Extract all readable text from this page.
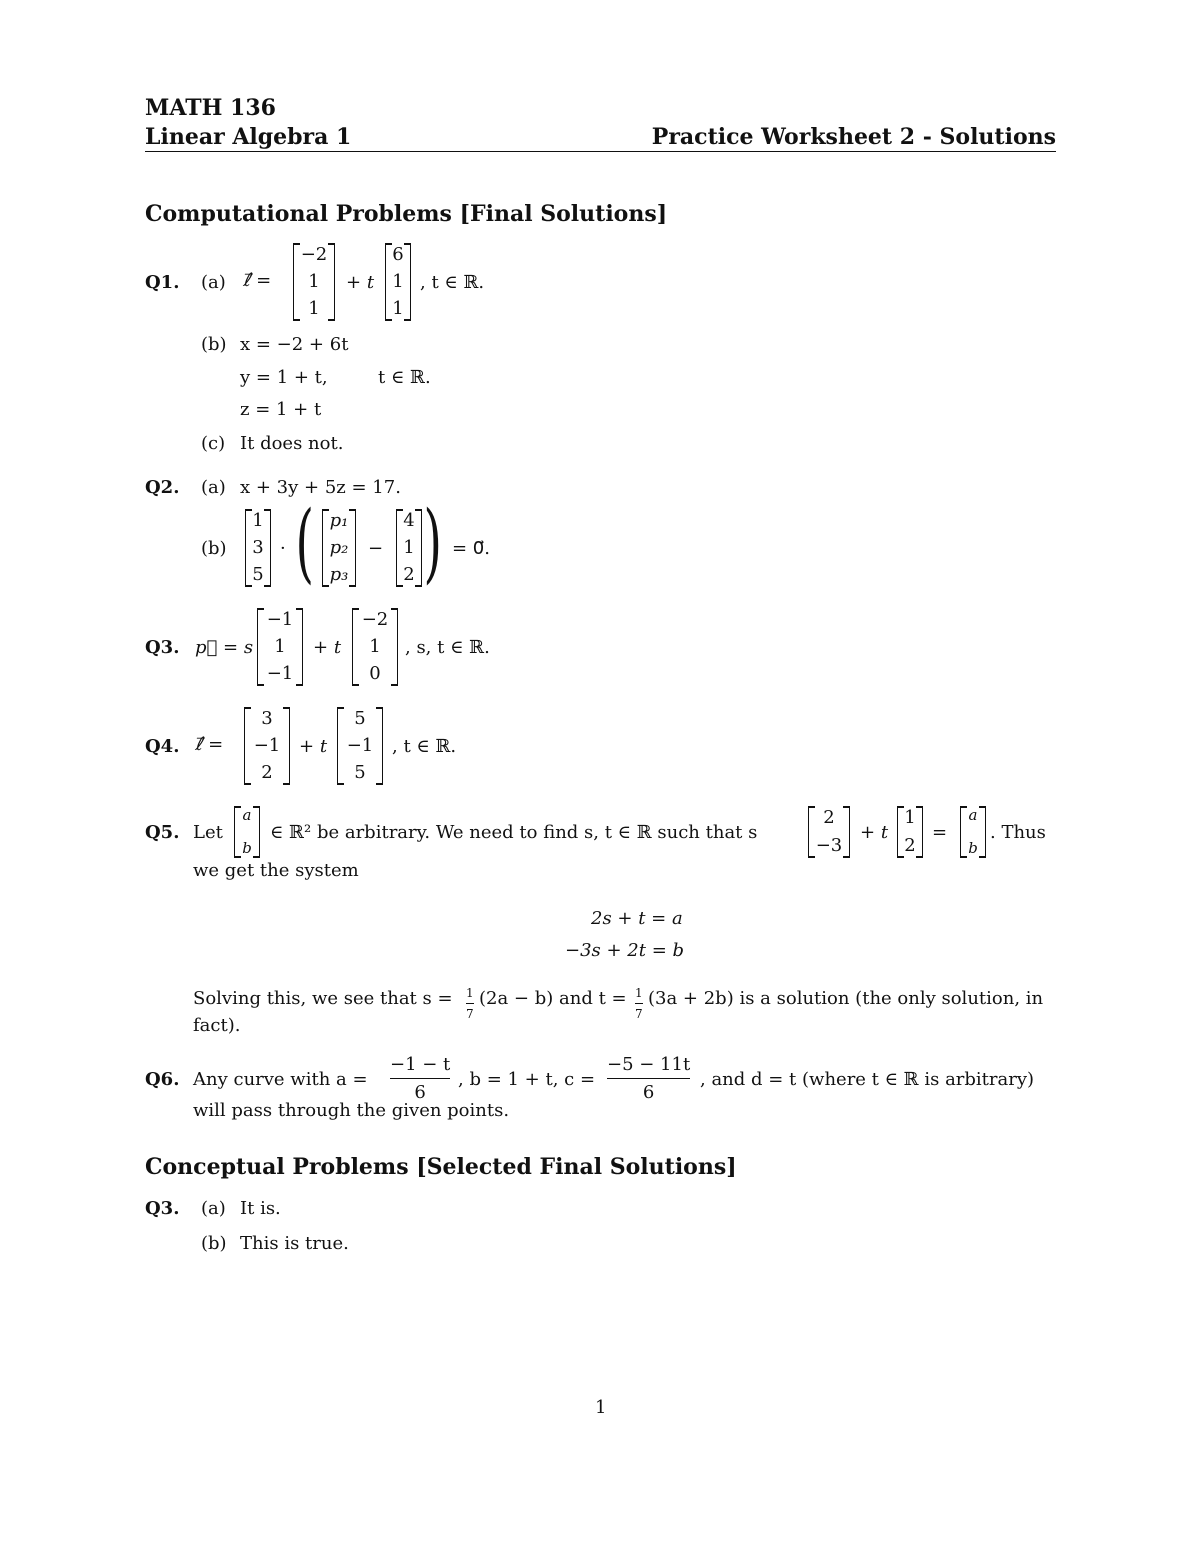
MATH 136
Linear Algebra 1	Practice Worksheet 2 - Solutions
Computational Problems [Final Solutions]
Q1. (a) ℓ⃗ =
−2
1
1
+ t
6
1
1
, t ∈ ℝ.
(b) x = −2 + 6t
y = 1 + t,	t ∈ ℝ.
z = 1 + t
(c) It does not.
Q2. (a) x + 3y + 5z = 17.
(b)
1
3
5
· ( p₁
p₂
p₃
−
4
1
2 ) = 0⃗.
Q3. p⃗ = s
−1
1
−1
+ t
−2
1
0
, s, t ∈ ℝ.
Q4. ℓ⃗ =
3
−1
2
+ t
5
−1
5
, t ∈ ℝ.
Q5. Let
a
b
∈ ℝ² be arbitrary. We need to find s, t ∈ ℝ such that s
2
−3
+ t
1
2
=
a
b
. Thus
we get the system
2s + t = a
−3s + 2t = b
Solving this, we see that s = 1
7
(2a − b) and t = 1
7
(3a + 2b) is a solution (the only solution, in
fact).
Q6. Any curve with a =
−1 − t
6
, b = 1 + t, c =
−5 − 11t
6
, and d = t (where t ∈ ℝ is arbitrary)
will pass through the given points.
Conceptual Problems [Selected Final Solutions]
Q3. (a) It is.
(b) This is true.
1
